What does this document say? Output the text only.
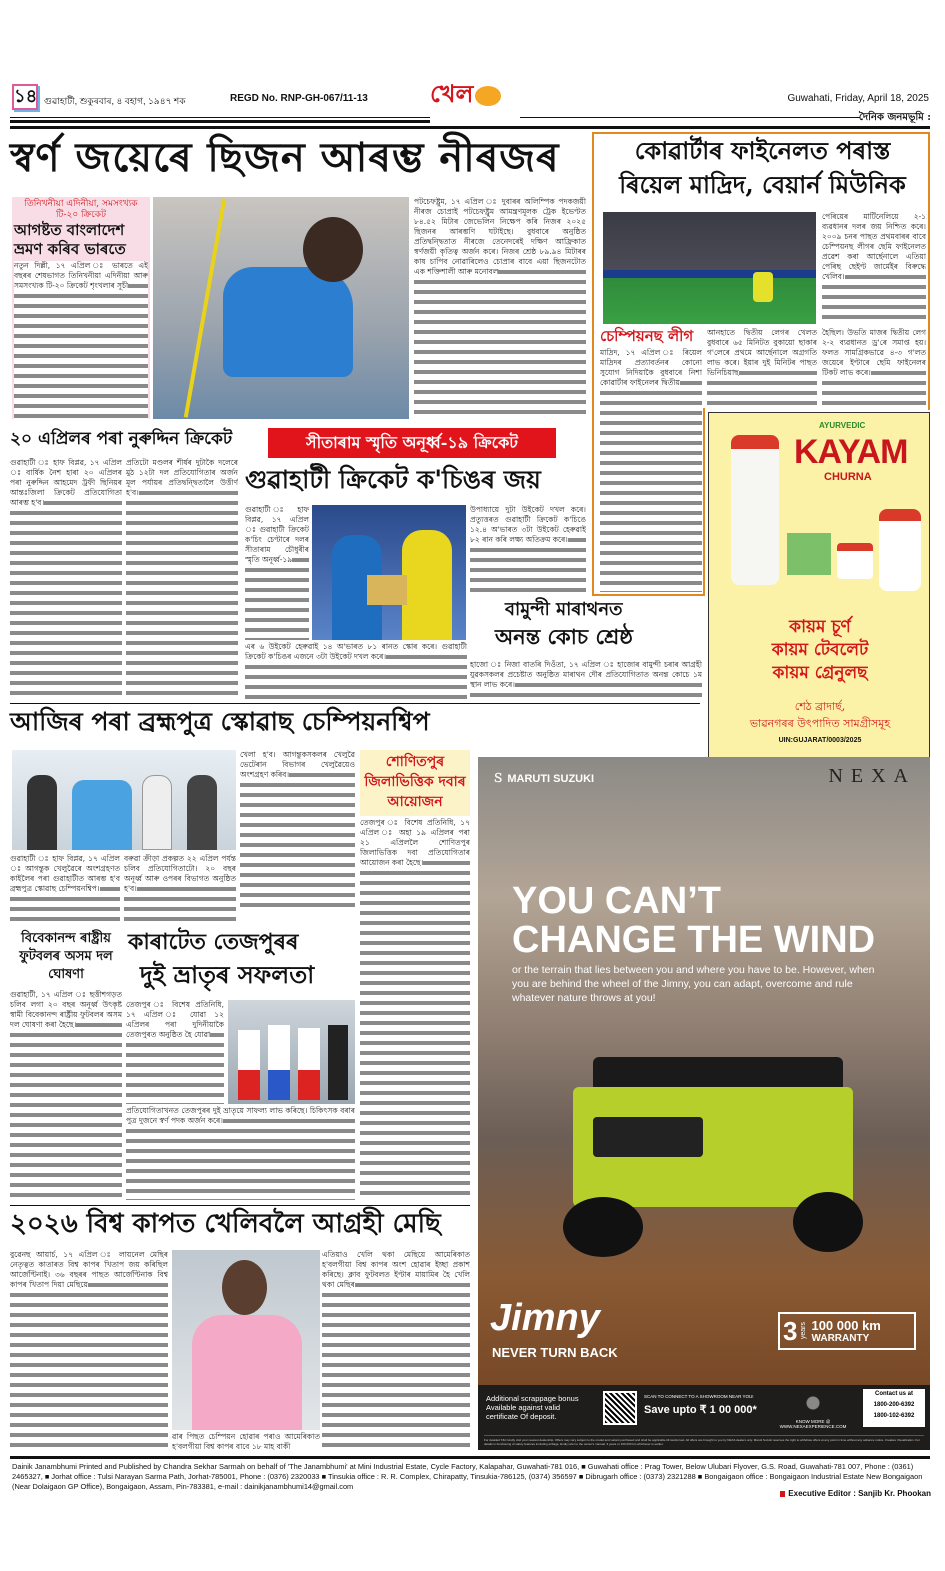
১৪ গুৱাহাটী, শুকুৰবাৰ, ৪ বহাগ, ১৯৪৭ শক	REGD No. RNP-GH-067/11-13	খেল	Guwahati, Friday, April 18, 2025
দৈনিক জনমভূমি :
স্বৰ্ণ জয়েৰে ছিজন আৰম্ভ নীৰজৰ
তিনিখনীয়া এদিনীয়া, সমসংখ্যক টি-২০ ক্ৰিকেট
আগষ্টত বাংলাদেশ ভ্ৰমণ কৰিব ভাৰতে
নতুন দিল্লী, ১৭ এপ্ৰিল ঃ ভাৰতে এই বছৰৰ শেষভাগত তিনিখনীয়া এদিনীয়া আৰু সমসংখ্যক টি-২০ ক্ৰিকেট শৃংখলাৰ সূচী
পটচেফষ্ট্ৰুম, ১৭ এপ্ৰিল ঃ দুবাৰৰ অলিম্পিক পদকজয়ী নীৰজ চোপ্ৰাই পটচেফষ্ট্ৰুম আমন্ত্ৰণমূলক ট্ৰেক ইভেণ্টত ৮৪.৫২ মিটাৰ জেভেলিন নিক্ষেপ কৰি নিজৰ ২০২৫ ছিজনৰ আৰম্ভণি ঘটাইছে। বুধবাৰে অনুষ্ঠিত প্ৰতিদ্বন্দ্বিতাত নীৰজে তেনেদৰেই দক্ষিণ আফ্ৰিকাত স্বৰ্ণজয়ী কৃতিত্ব অৰ্জন কৰে। নিজৰ শ্ৰেষ্ঠ ৮৯.৯৪ মিটাৰৰ কাষ চাপিব নোৱাৰিলেও চোপ্ৰাৰ বাবে এয়া ছিজনটোত এক শক্তিশালী আৰু মনোবল
কোৱাৰ্টাৰ ফাইনেলত পৰাস্ত
ৰিয়েল মাদ্ৰিদ, বেয়াৰ্ন মিউনিক
পেৰিয়েৰ মাৰ্টিনেলিয়ে ২-১ ব্যৱধানৰ দলৰ জয় নিশ্চিত কৰে। ২০০৯ চনৰ পাছত প্ৰথমবাৰৰ বাবে চেম্পিয়নছ লীগৰ ছেমি ফাইনেলত প্ৰৱেশ কৰা আৰ্ছেনালে এতিয়া পেৰিছ ছেইণ্ট জাৰ্মেইৰ বিৰুদ্ধে খেলিব।
হৈছিল। উভতি মাজৰ দ্বিতীয় লেগ ২-২ ব্যৱধানত ড্ৰ'ৰে সমাপ্ত হয়। ফলত সামগ্ৰিকভাৱে ৪-৩ গ'লত জয়েৰে ইণ্টাৰে ছেমি ফাইনেলৰ টিকট লাভ কৰে।
চেম্পিয়নছ লীগ
মাদ্ৰিদ, ১৭ এপ্ৰিল ঃ ৰিয়েল মাদ্ৰিদৰ প্ৰত্যাবৰ্তনৰ কোনো সুযোগ নিদিয়াকৈ বুধবাৰে নিশা কোৱাৰ্টাৰ ফাইনেলৰ দ্বিতীয়
আনহাতে দ্বিতীয় লেগৰ খেলত বুধবাৰে ৬৫ মিনিটত বুকায়ো ছাকাৰ গ'লেৰে প্ৰথমে আৰ্ছেনালে অগ্ৰগতি লাভ কৰে। ইয়াৰ দুই মিনিটৰ পাছত ভিনিচিয়াছ
AYURVEDIC
KAYAM
CHURNA
কায়ম চূৰ্ণ
কায়ম টেবলেট
কায়ম গ্ৰেনুলছ
শেঠ ব্ৰাদাৰ্ছ,
ভাৱনগৰৰ উৎপাদিত সামগ্ৰীসমূহ
UIN:GUJARAT/0003/2025
২০ এপ্ৰিলৰ পৰা নুৰুদ্দিন ক্ৰিকেট
গুৱাহাটী ঃ হাফ বিপ্লৱ, ১৭ এপ্ৰিল ঃ বাৰ্ষিক নৈশ হাৰা ২০ এপ্ৰিলৰ পৰা নুৰুদ্দিন আহমেদ ট্ৰফী ছিনিয়ৰ আন্তঃজিলা ক্ৰিকেট প্ৰতিযোগিতা আৰম্ভ হ'ব।
প্ৰতিটো মণ্ডলৰ শীৰ্ষৰ দুটাকৈ দলেৰে মুঠ ১২টা দল প্ৰতিযোগিতাৰ অৰ্জন মূল পৰ্যায়ৰ প্ৰতিদ্বন্দ্বিতালৈ উত্তীৰ্ণ হ'ব।
সীতাৰাম স্মৃতি অনূৰ্ধ্ব-১৯ ক্ৰিকেট
গুৱাহাটী ক্ৰিকেট ক'চিঙৰ জয়
গুৱাহাটী ঃ হাফ বিপ্লৱ, ১৭ এপ্ৰিল ঃ গুৱাহাটী ক্ৰিকেট ক'চিং চেণ্টাৰে দলৰ সীতাৰাম চৌধুৰীৰ স্মৃতি অনূৰ্ধ্ব-১৯
উপাধ্যায়ে দুটা উইকেট দখল কৰে। প্ৰত্যুত্তৰত গুৱাহাটী ক্ৰিকেট ক'চিঙে ১২.৪ অ'ভাৰত ৩টা উইকেট হেৰুৱাই ৮২ ৰান কৰি লক্ষ্য অতিক্ৰম কৰে।
এৰ ৬ উইকেট হেৰুৱাই ১৪ অ'ভাৰত ৮১ ৰানত স্কোৰ কৰে। গুৱাহাটী ক্ৰিকেট ক'চিঙৰ এজনে ৩টা উইকেট দখল কৰে।
বামুন্দী মাৰাথনত
অনন্ত কোচ শ্ৰেষ্ঠ
হাজো ঃ নিজা বাতৰি দিওঁতা, ১৭ এপ্ৰিল ঃ হাজোৰ বামুন্দী চৰাৰ আগ্ৰহী যুৱকসকলৰ প্ৰচেষ্টাত অনুষ্ঠিত মাৰাথন দৌৰ প্ৰতিযোগিতাত অনন্ত কোচে ১ম স্থান লাভ কৰে।
আজিৰ পৰা ব্ৰহ্মপুত্ৰ স্কোৱাছ চেম্পিয়নশ্বিপ
গুৱাহাটী ঃ হাফ বিপ্লৱ, ১৭ এপ্ৰিল ঃ আগন্তুক খেলুৱৈৰে অংশগ্ৰহণত কাইলৈৰ পৰা গুৱাহাটীত আৰম্ভ হ'ব ব্ৰহ্মপুত্ৰ স্কোৱাছ চেম্পিয়নশ্বিপ।
বৰুৱা ক্ৰীড়া প্ৰকল্পত ২২ এপ্ৰিল পৰ্যন্ত চলিব প্ৰতিযোগিতাটো। ২০ বছৰ অনূৰ্ধ্ব আৰু ওপৰৰ বিভাগত অনুষ্ঠিত হ'ব।
খেলা হ'ব। আগন্তুকসকলৰ খেলুৱৈ ভেটেৰান বিভাগৰ খেলুৱৈয়েও অংশগ্ৰহণ কৰিব।
শোণিতপুৰ জিলাভিত্তিক দবাৰ আয়োজন
তেজপুৰ ঃ বিশেষ প্ৰতিনিধি, ১৭ এপ্ৰিল ঃ অহা ১৯ এপ্ৰিলৰ পৰা ২১ এপ্ৰিললৈ শোণিতপুৰ জিলাভিত্তিক দবা প্ৰতিযোগিতাৰ আয়োজন কৰা হৈছে।
বিবেকানন্দ ৰাষ্ট্ৰীয় ফুটবলৰ অসম দল ঘোষণা
গুৱাহাটী, ১৭ এপ্ৰিল ঃ ছত্তীশগড়ত চলিব লগা ২০ বছৰ অনূৰ্ধ্ব উৎকৃষ্ট স্বামী বিবেকানন্দ ৰাষ্ট্ৰীয় ফুটবলৰ অসম দল ঘোষণা কৰা হৈছে।
কাৰাটেত তেজপুৰৰ
দুই ভ্ৰাতৃৰ সফলতা
তেজপুৰ ঃ বিশেষ প্ৰতিনিধি, ১৭ এপ্ৰিল ঃ যোৱা ১২ এপ্ৰিলৰ পৰা দুদিনীয়াকৈ তেজপুৰত অনুষ্ঠিত হৈ যোৱা
প্ৰতিযোগিতাখনত তেজপুৰৰ দুই ভ্ৰাতৃয়ে সাফল্য লাভ কৰিছে। চিকিৎসক বৰাৰ পুত্ৰ দুজনে স্বৰ্ণ পদক অৰ্জন কৰে।
২০২৬ বিশ্ব কাপত খেলিবলৈ আগ্ৰহী মেছি
বুৱেনছ আয়াৰ্চ, ১৭ এপ্ৰিল ঃ লায়নেল মেছিৰ নেতৃত্বত কাতাৰত বিশ্ব কাপৰ খিতাপ জয় কৰিছিল আৰ্জেণ্টিনাই। ৩৬ বছৰৰ পাছত আৰ্জেণ্টিনাক বিশ্ব কাপৰ খিতাপ দিয়া মেছিয়ে
ৱাৰ পিছত চেম্পিয়ন হোৱাৰ পৰাও আমেৰিকাত হ'বলগীয়া বিশ্ব কাপৰ বাবে ১৮ মাহ বাকী
এতিয়াও খেলি থকা মেছিয়ে আমেৰিকাত হ'বলগীয়া বিশ্ব কাপৰ অংশ হোৱাৰ ইচ্ছা প্ৰকাশ কৰিছে। ক্লাব ফুটবলত ইণ্টাৰ মায়ামিৰ হৈ খেলি থকা মেছিৰ
Ｓ MARUTI SUZUKI	NEXA
YOU CAN’T
CHANGE THE WIND
or the terrain that lies between you and where you have to be. However, when you are behind the wheel of the Jimny, you can adapt, overcome and rule whatever nature throws at you!
Jimny
NEVER TURN BACK
3 years 100 000 km
WARRANTY
Additional scrappage bonus Available against valid certificate Of deposit.
SCAN TO CONNECT TO A SHOWROOM NEAR YOU!
Save upto ₹ 1 00 000*
KNOW MORE @ WWW.NEXAEXPERIENCE.COM
Contact us at
1800-200-6392
1800-102-6392
For detailed T&C kindly visit your nearest dealership. Offers may vary subject to the model and variant purchased and shall be applicable till stocks last. All offers are brought to you by NEXA dealers only. Maruti Suzuki reserves the right to withdraw offers at any point in time without any advance notice. Creative Visualization. For details in functioning of safety features including airbags, kindly refer to the owner's manual. 3 years or 100 000 km whichever is earlier.
Dainik Janambhumi Printed and Published by Chandra Sekhar Sarmah on behalf of 'The Janambhumi' at Mini Industrial Estate, Cycle Factory, Kalapahar, Guwahati-781 016, ■ Guwahati office : Prag Tower, Below Ulubari Flyover, G.S. Road, Guwahati-781 007, Phone : (0361) 2465327, ■ Jorhat office : Tulsi Narayan Sarma Path, Jorhat-785001, Phone : (0376) 2320033 ■ Tinsukia office : R. R. Complex, Chirapatty, Tinsukia-786125, (0374) 356597 ■ Dibrugarh office : (0373) 2321288 ■ Bongaigaon office : Bongaigaon Industrial Estate New Bongaigaon (Near Dolaigaon GP Office), Bongaigaon, Assam, Pin-783381, e-mail : dainikjanambhumi14@gmail.com
Executive Editor : Sanjib Kr. Phookan
